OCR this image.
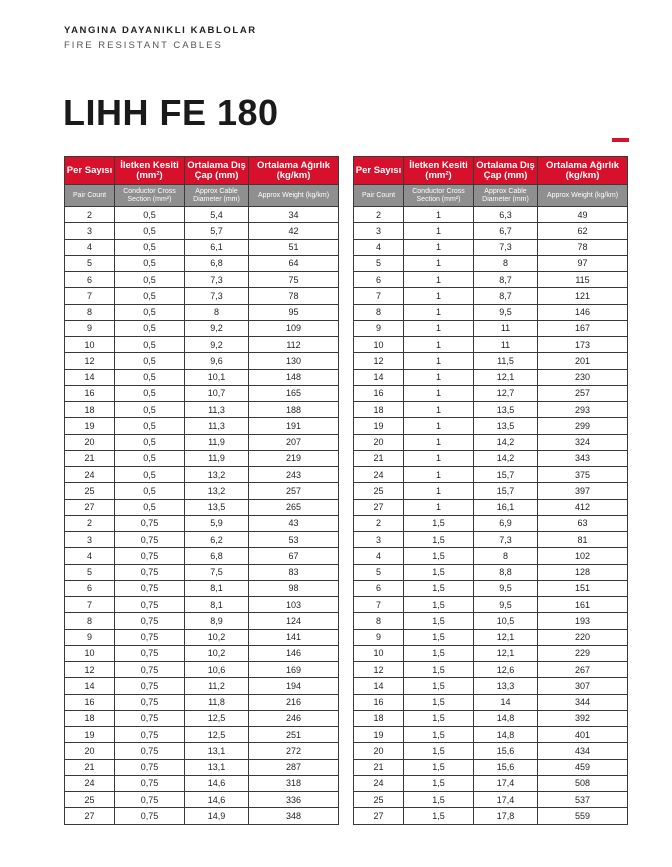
YANGINA DAYANIKLI KABLOLAR
FIRE RESISTANT CABLES
LIHH FE 180
Per Sayısı	İletken Kesiti (mm²)	Ortalama Dış Çap (mm)	Ortalama Ağırlık (kg/km)
Pair Count	Conductor Cross Section (mm²)	Approx Cable Diameter (mm)	Approx Weight (kg/km)
2	0,5	5,4	34
3	0,5	5,7	42
4	0,5	6,1	51
5	0,5	6,8	64
6	0,5	7,3	75
7	0,5	7,3	78
8	0,5	8	95
9	0,5	9,2	109
10	0,5	9,2	112
12	0,5	9,6	130
14	0,5	10,1	148
16	0,5	10,7	165
18	0,5	11,3	188
19	0,5	11,3	191
20	0,5	11,9	207
21	0,5	11,9	219
24	0,5	13,2	243
25	0,5	13,2	257
27	0,5	13,5	265
2	0,75	5,9	43
3	0,75	6,2	53
4	0,75	6,8	67
5	0,75	7,5	83
6	0,75	8,1	98
7	0,75	8,1	103
8	0,75	8,9	124
9	0,75	10,2	141
10	0,75	10,2	146
12	0,75	10,6	169
14	0,75	11,2	194
16	0,75	11,8	216
18	0,75	12,5	246
19	0,75	12,5	251
20	0,75	13,1	272
21	0,75	13,1	287
24	0,75	14,6	318
25	0,75	14,6	336
27	0,75	14,9	348
Per Sayısı	İletken Kesiti (mm²)	Ortalama Dış Çap (mm)	Ortalama Ağırlık (kg/km)
Pair Count	Conductor Cross Section (mm²)	Approx Cable Diameter (mm)	Approx Weight (kg/km)
2	1	6,3	49
3	1	6,7	62
4	1	7,3	78
5	1	8	97
6	1	8,7	115
7	1	8,7	121
8	1	9,5	146
9	1	11	167
10	1	11	173
12	1	11,5	201
14	1	12,1	230
16	1	12,7	257
18	1	13,5	293
19	1	13,5	299
20	1	14,2	324
21	1	14,2	343
24	1	15,7	375
25	1	15,7	397
27	1	16,1	412
2	1,5	6,9	63
3	1,5	7,3	81
4	1,5	8	102
5	1,5	8,8	128
6	1,5	9,5	151
7	1,5	9,5	161
8	1,5	10,5	193
9	1,5	12,1	220
10	1,5	12,1	229
12	1,5	12,6	267
14	1,5	13,3	307
16	1,5	14	344
18	1,5	14,8	392
19	1,5	14,8	401
20	1,5	15,6	434
21	1,5	15,6	459
24	1,5	17,4	508
25	1,5	17,4	537
27	1,5	17,8	559
